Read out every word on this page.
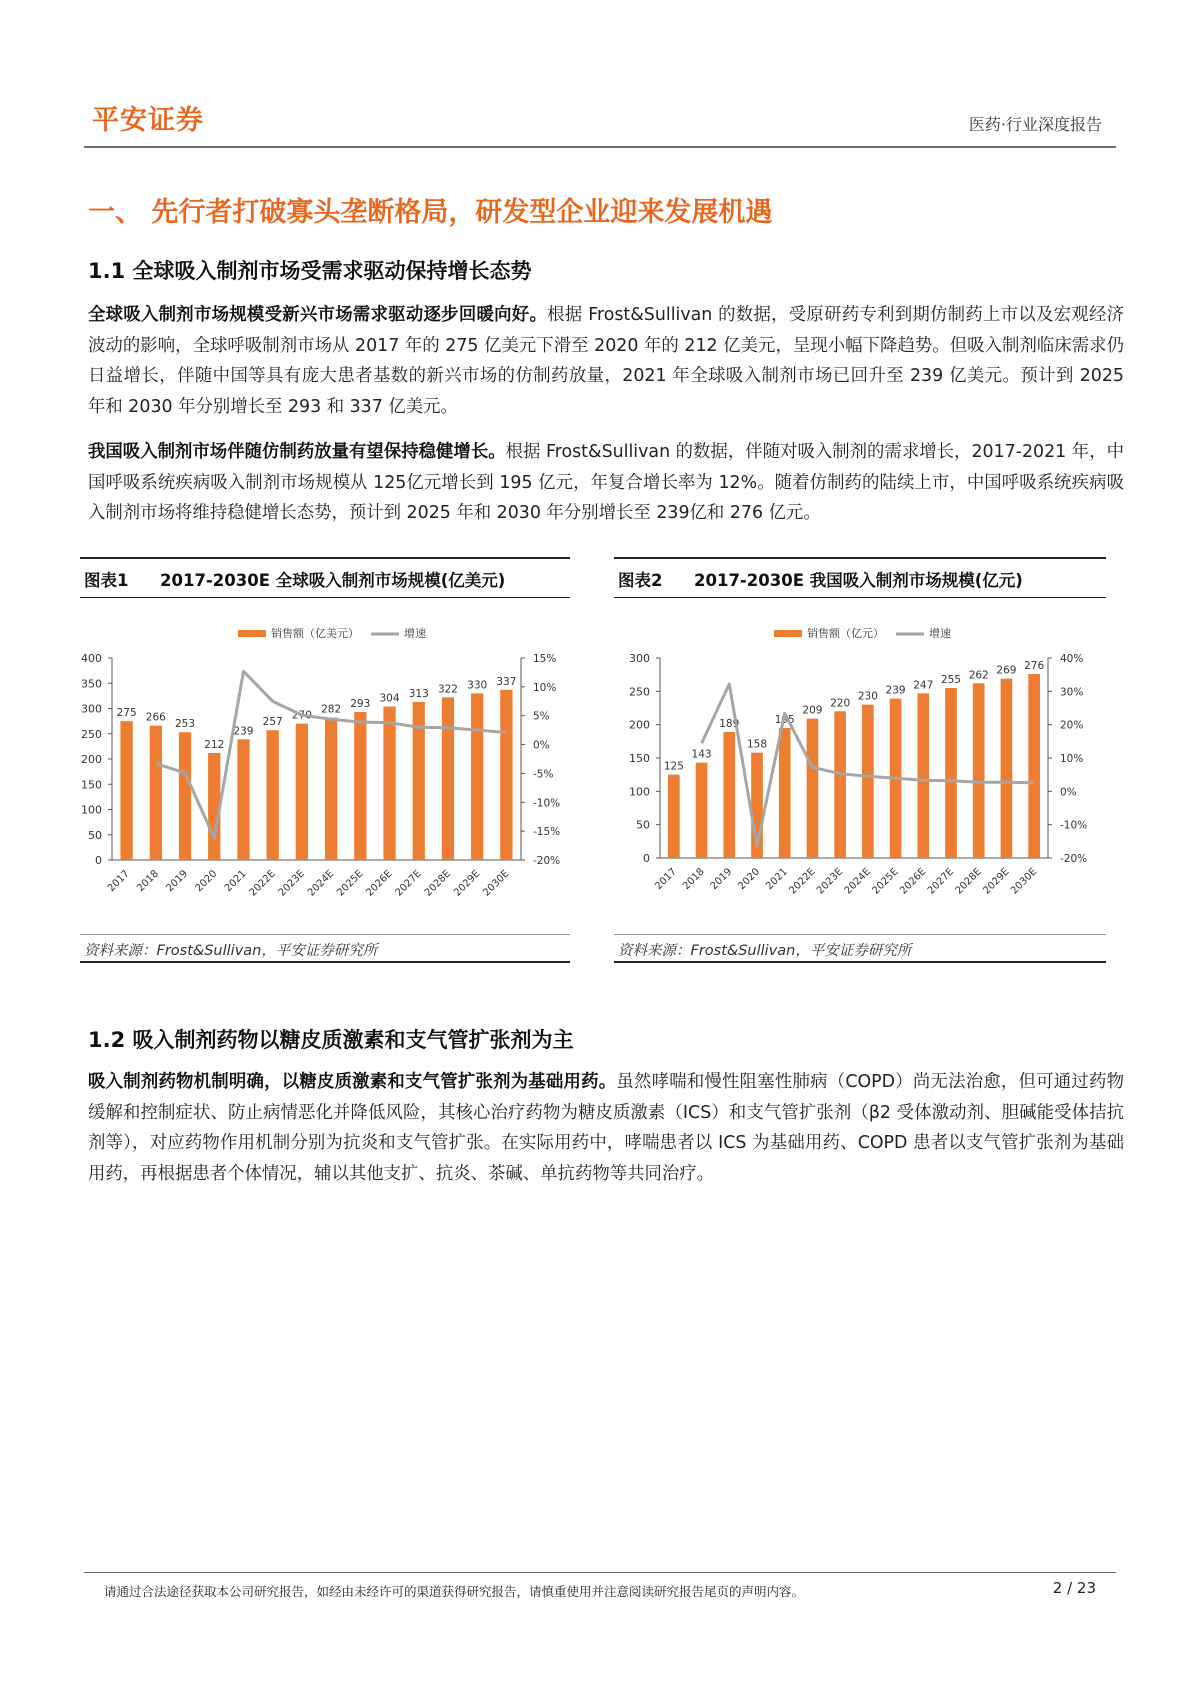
平安证券	医药·行业深度报告
一、 先行者打破寡头垄断格局，研发型企业迎来发展机遇
1.1 全球吸入制剂市场受需求驱动保持增长态势
全球吸入制剂市场规模受新兴市场需求驱动逐步回暖向好。根据 Frost&Sullivan 的数据，受原研药专利到期仿制药上市以及宏观经济波动的影响，全球呼吸制剂市场从 2017 年的 275 亿美元下滑至 2020 年的 212 亿美元，呈现小幅下降趋势。但吸入制剂临床需求仍日益增长，伴随中国等具有庞大患者基数的新兴市场的仿制药放量，2021 年全球吸入制剂市场已回升至 239 亿美元。预计到 2025 年和 2030 年分别增长至 293 和 337 亿美元。
我国吸入制剂市场伴随仿制药放量有望保持稳健增长。根据 Frost&Sullivan 的数据，伴随对吸入制剂的需求增长，2017-2021 年，中国呼吸系统疾病吸入制剂市场规模从 125亿元增长到 195 亿元，年复合增长率为 12%。随着仿制药的陆续上市，中国呼吸系统疾病吸入制剂市场将维持稳健增长态势，预计到 2025 年和 2030 年分别增长至 239亿和 276 亿元。
图表1 2017-2030E 全球吸入制剂市场规模(亿美元)
销售额（亿美元）	增速
0
50
100
150
200
250
300
350
400
-20%
-15%
-10%
-5%
0%
5%
10%
15%
275
2017
266
2018
253
2019
212
2020
239
2021
257
2022E
270
2023E
282
2024E
293
2025E
304
2026E
313
2027E
322
2028E
330
2029E
337
2030E
资料来源：Frost&Sullivan，平安证券研究所
图表2 2017-2030E 我国吸入制剂市场规模(亿元)
销售额（亿元）	增速
0
50
100
150
200
250
300
-20%
-10%
0%
10%
20%
30%
40%
125
2017
143
2018
189
2019
158
2020
195
2021
209
2022E
220
2023E
230
2024E
239
2025E
247
2026E
255
2027E
262
2028E
269
2029E
276
2030E
资料来源：Frost&Sullivan，平安证券研究所
1.2 吸入制剂药物以糖皮质激素和支气管扩张剂为主
吸入制剂药物机制明确，以糖皮质激素和支气管扩张剂为基础用药。虽然哮喘和慢性阻塞性肺病（COPD）尚无法治愈，但可通过药物缓解和控制症状、防止病情恶化并降低风险，其核心治疗药物为糖皮质激素（ICS）和支气管扩张剂（β2 受体激动剂、胆碱能受体拮抗剂等），对应药物作用机制分别为抗炎和支气管扩张。在实际用药中，哮喘患者以 ICS 为基础用药、COPD 患者以支气管扩张剂为基础用药，再根据患者个体情况，辅以其他支扩、抗炎、茶碱、单抗药物等共同治疗。
请通过合法途径获取本公司研究报告，如经由未经许可的渠道获得研究报告，请慎重使用并注意阅读研究报告尾页的声明内容。	2 / 23
